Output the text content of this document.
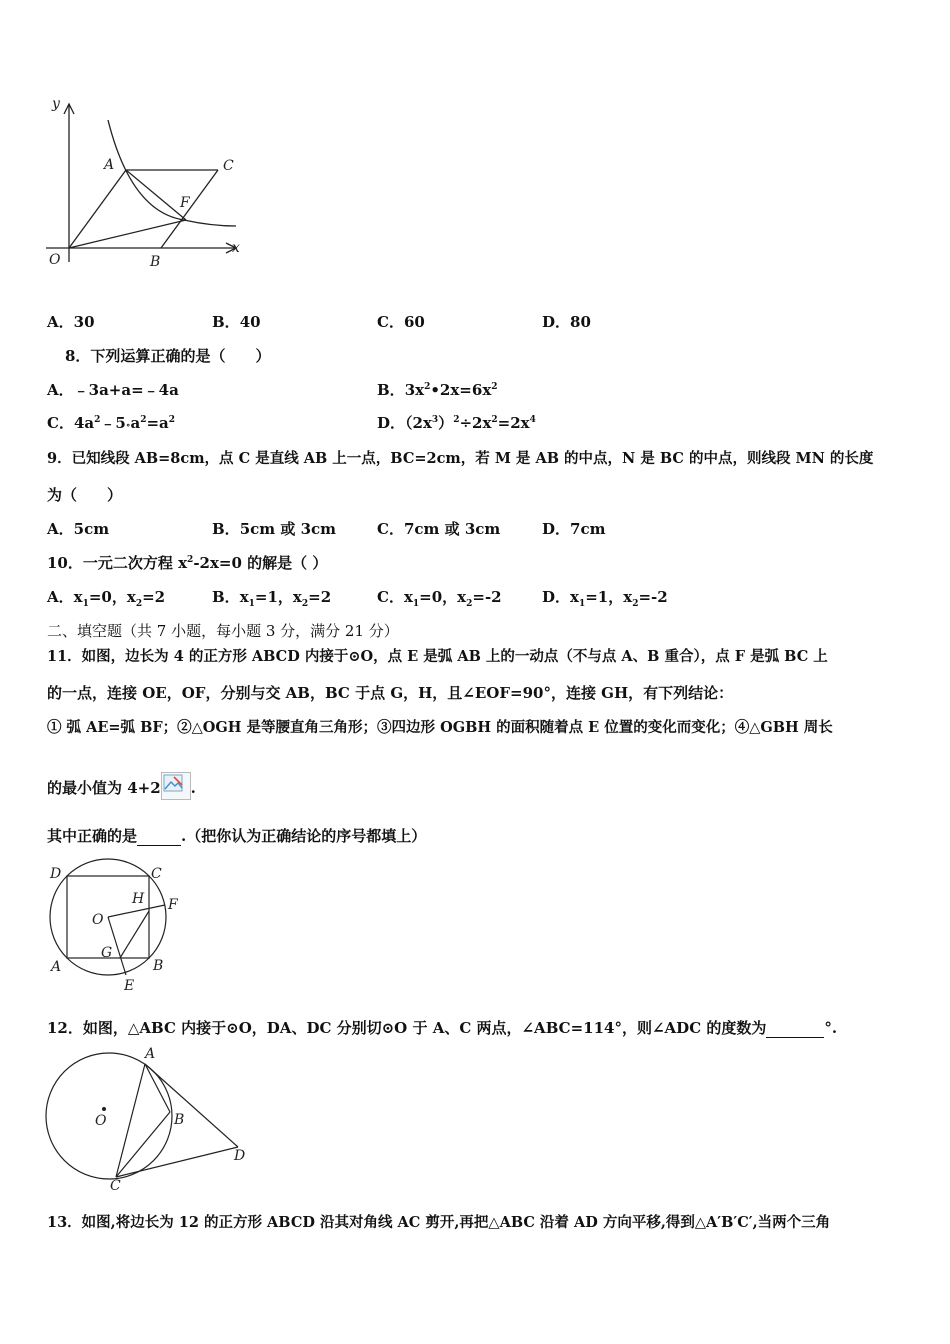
y
x
O
A
B
C
F
A．30	B．40	C．60	D．80
8．下列运算正确的是（　　）
A．﹣3a+a=﹣4a	B．$3x^2•2x=6x^2$
C．$4a^2﹣5\circ a^2=a^2$	D．$(2x^3)^2\div 2x^2=2x^4$
9．已知线段 AB=8cm，点 C 是直线 AB 上一点，BC=2cm，若 M 是 AB 的中点，N 是 BC 的中点，则线段 MN 的长度
为（　　）
A．5cm	B．5cm 或 3cm	C．7cm 或 3cm	D．7cm
10．一元二次方程 $x^2-2x=0$ 的解是（ ）
A．$x_1=0$，$x_2=2$	B．$x_1=1$，$x_2=2$	C．$x_1=0$，$x_2=-2$	D．$x_1=1$，$x_2=-2$
二、填空题（共 7 小题，每小题 3 分，满分 21 分）
11．如图，边长为 4 的正方形 ABCD 内接于⊙O，点 E 是弧 AB 上的一动点（不与点 A、B 重合），点 F 是弧 BC 上
的一点，连接 OE，OF，分别与交 AB，BC 于点 G，H，且∠EOF=90°，连接 GH，有下列结论：
① 弧 AE=弧 BF；②△OGH 是等腰直角三角形；③四边形 OGBH 的面积随着点 E 位置的变化而变化；④△GBH 周长
的最小值为 4+2 .
其中正确的是	.（把你认为正确结论的序号都填上）
D	C
H F
O
G
A	B
E
12．如图，△ABC 内接于⊙O，DA、DC 分别切⊙O 于 A、C 两点，∠ABC=114°，则∠ADC 的度数为	°.
A
O	B
D
C
13．如图,将边长为 12 的正方形 ABCD 沿其对角线 AC 剪开,再把△ABC 沿着 AD 方向平移,得到△A′B′C′,当两个三角
